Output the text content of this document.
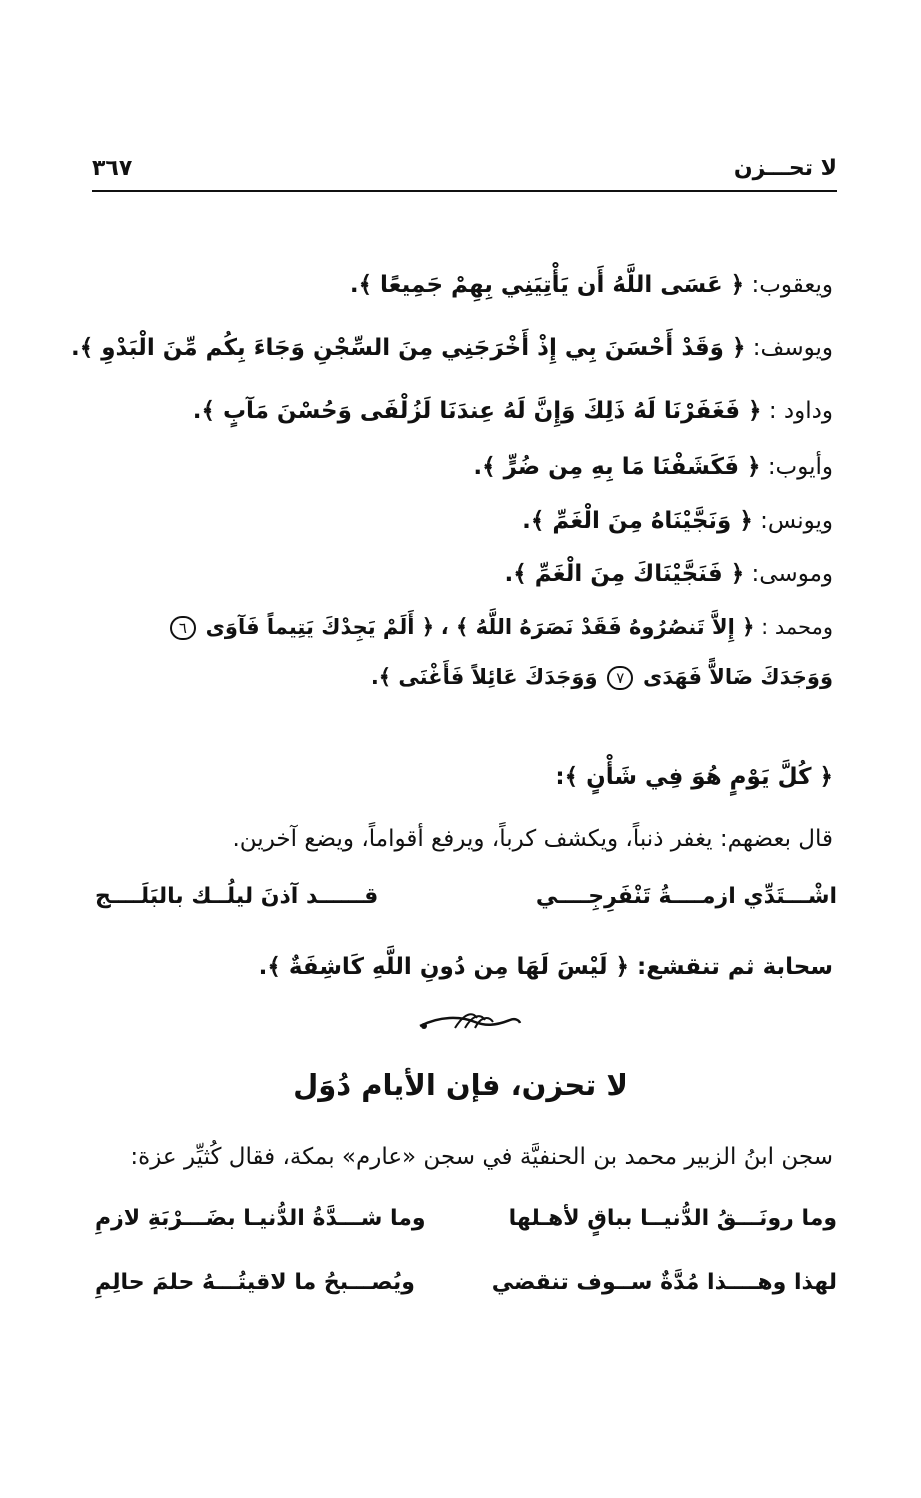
لا تحـــزن
٣٦٧
ويعقوب: ﴿ عَسَى اللَّهُ أَن يَأْتِيَنِي بِهِمْ جَمِيعًا ﴾.
ويوسف: ﴿ وَقَدْ أَحْسَنَ بِي إِذْ أَخْرَجَنِي مِنَ السِّجْنِ وَجَاءَ بِكُم مِّنَ الْبَدْوِ ﴾.
وداود : ﴿ فَغَفَرْنَا لَهُ ذَلِكَ وَإِنَّ لَهُ عِندَنَا لَزُلْفَى وَحُسْنَ مَآبٍ ﴾.
وأيوب: ﴿ فَكَشَفْنَا مَا بِهِ مِن ضُرٍّ ﴾.
ويونس: ﴿ وَنَجَّيْنَاهُ مِنَ الْغَمِّ ﴾.
وموسى: ﴿ فَنَجَّيْنَاكَ مِنَ الْغَمِّ ﴾.
ومحمد : ﴿ إِلاَّ تَنصُرُوهُ فَقَدْ نَصَرَهُ اللَّهُ ﴾ ، ﴿ أَلَمْ يَجِدْكَ يَتِيماً فَآوَى ٦
وَوَجَدَكَ ضَالاًّ فَهَدَى ٧ وَوَجَدَكَ عَائِلاً فَأَغْنَى ﴾.
﴿ كُلَّ يَوْمٍ هُوَ فِي شَأْنٍ ﴾:
قال بعضهم: يغفر ذنباً، ويكشف كرباً، ويرفع أقواماً، ويضع آخرين.
اشْـــتَدِّي ازمــــةُ تَنْفَرِجِــــي
قــــــد آذنَ ليلُــك بالبَلَــــج
سحابة ثم تنقشع: ﴿ لَيْسَ لَهَا مِن دُونِ اللَّهِ كَاشِفَةٌ ﴾.
لا تحزن، فإن الأيام دُوَل
سجن ابنُ الزبير محمد بن الحنفيَّة في سجن «عارم» بمكة، فقال كُثيِّر عزة:
وما رونَـــقُ الدُّنيــا بباقٍ لأهـلها
وما شـــدَّةُ الدُّنيـا بضَـــرْبَةِ لازمِ
لهذا وهــــذا مُدَّةٌ ســوف تنقضي
ويُصـــبحُ ما لاقيتُـــهُ حلمَ حالِمِ
